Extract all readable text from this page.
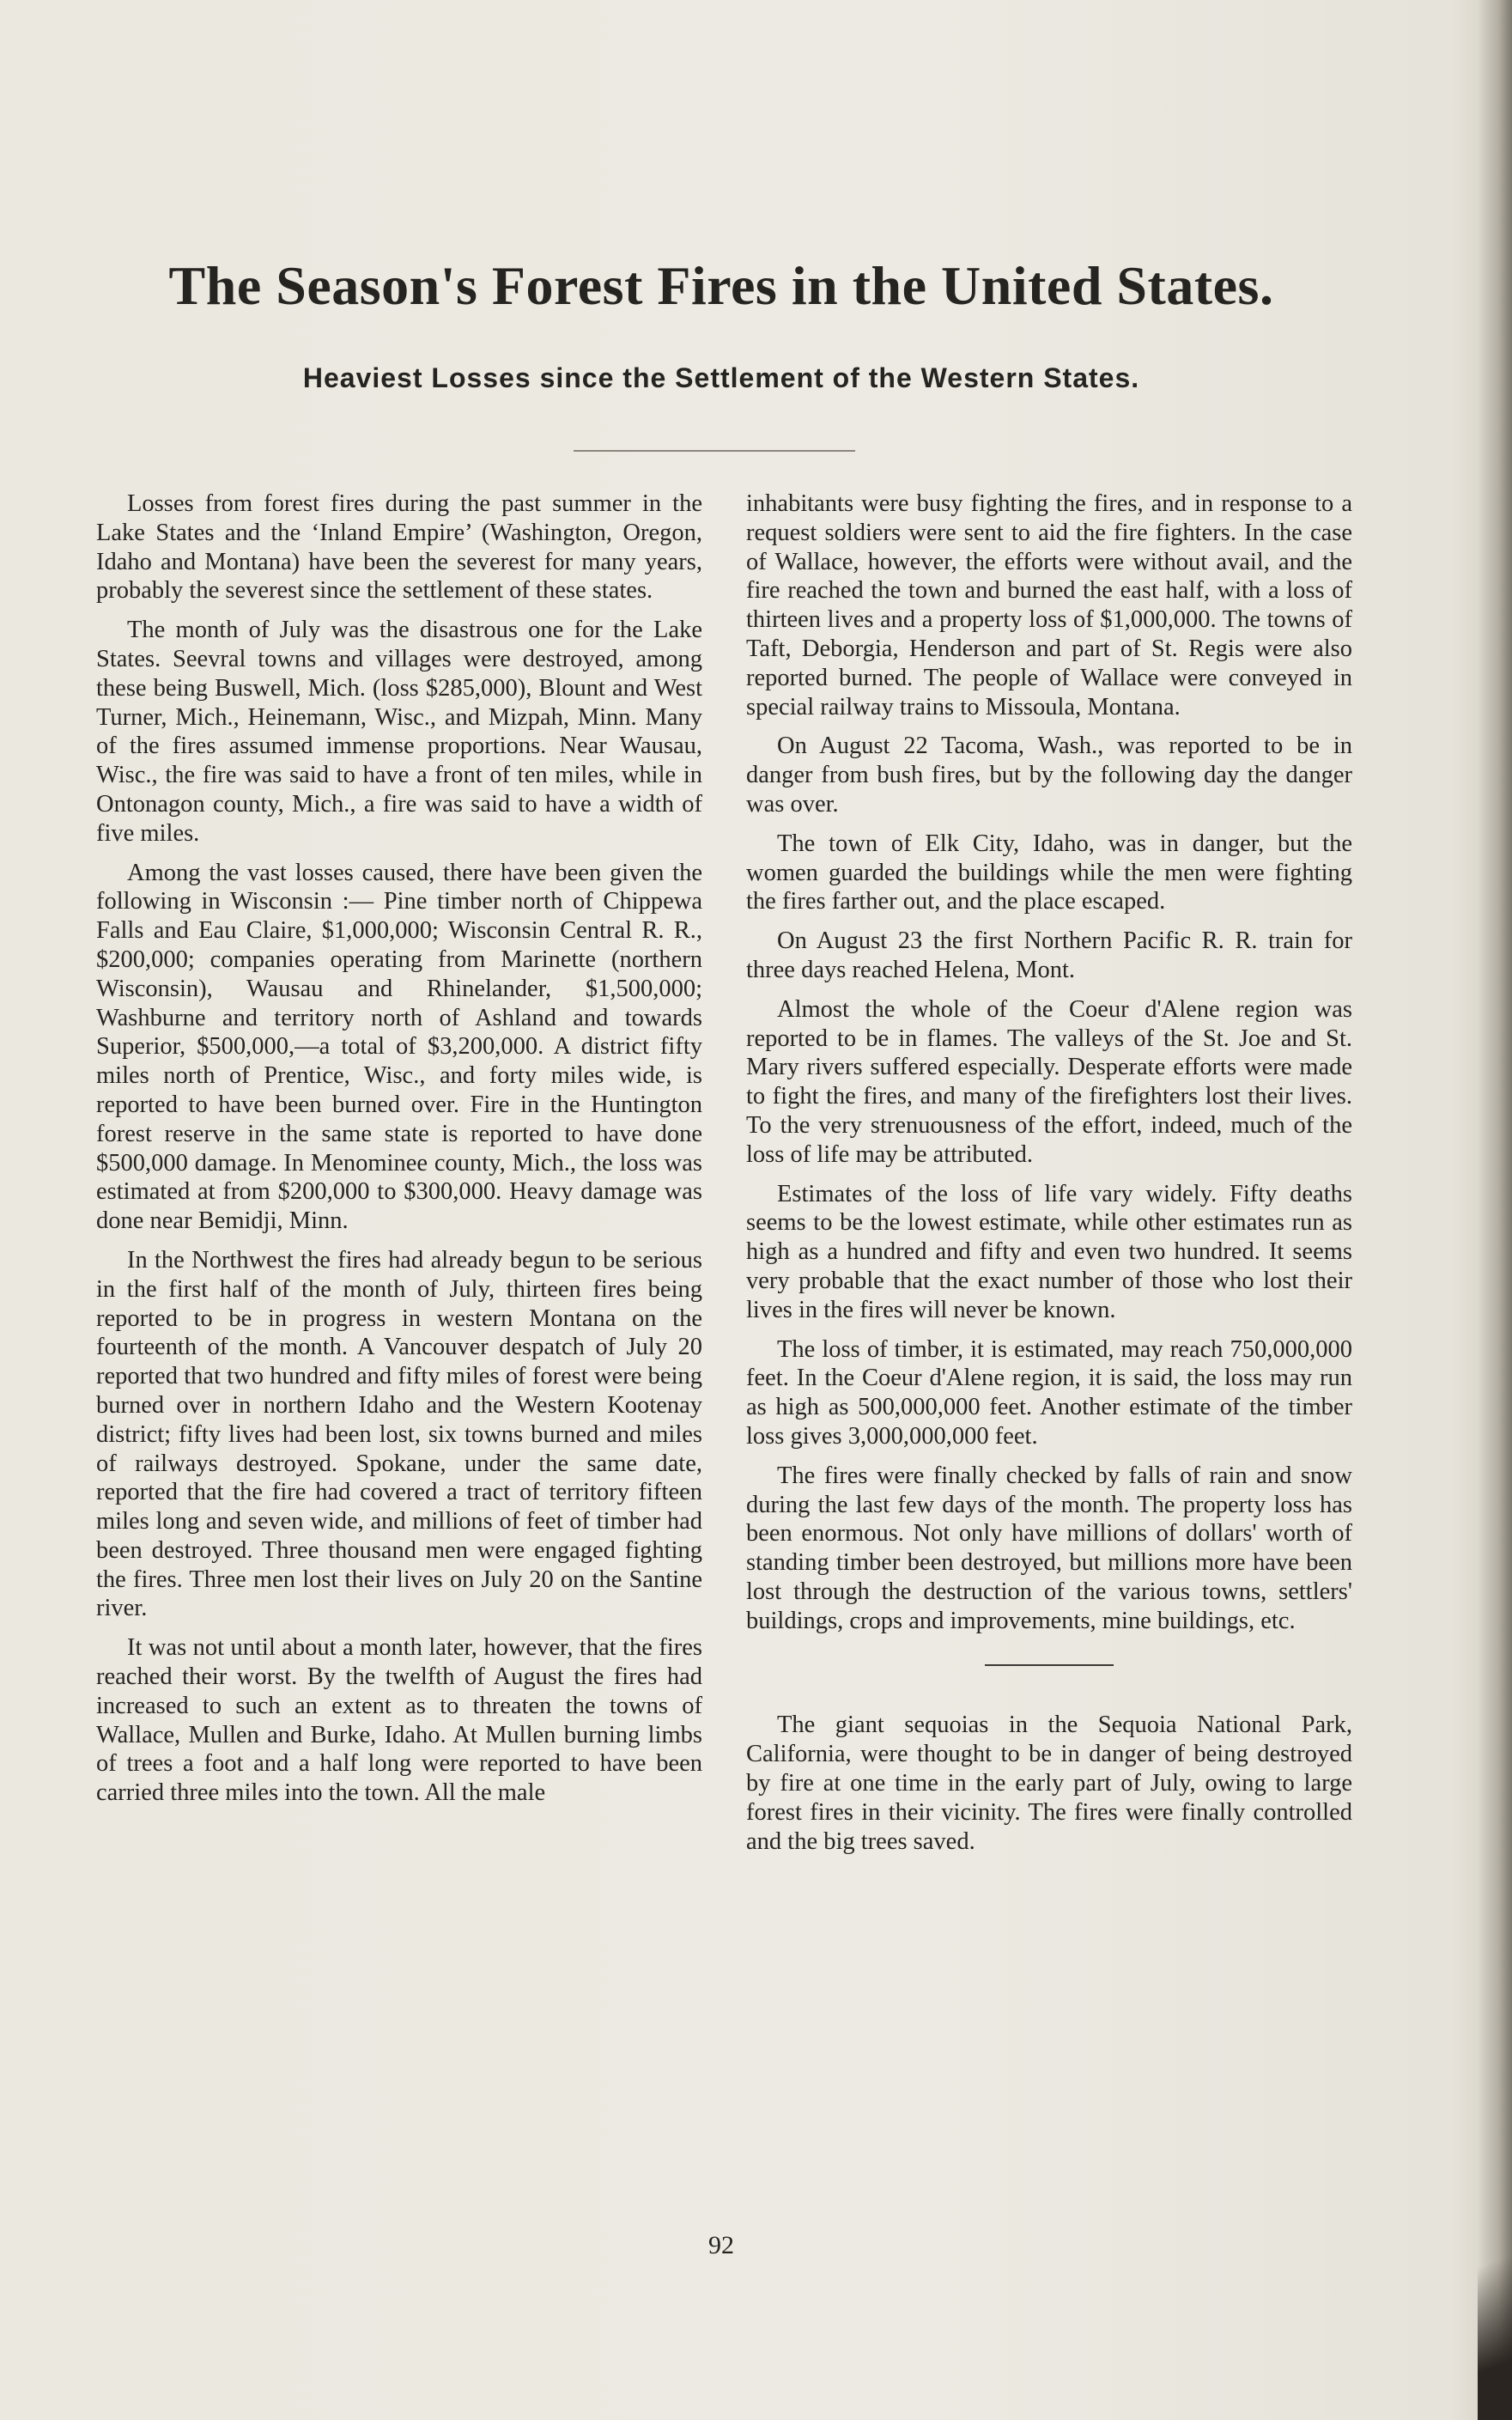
The Season's Forest Fires in the United States.
Heaviest Losses since the Settlement of the Western States.

Losses from forest fires during the past summer in the Lake States and the ‘Inland Empire’ (Washington, Oregon, Idaho and Montana) have been the severest for many years, probably the severest since the settlement of these states.

The month of July was the disastrous one for the Lake States. Seevral towns and villages were destroyed, among these being Buswell, Mich. (loss $285,000), Blount and West Turner, Mich., Heinemann, Wisc., and Mizpah, Minn. Many of the fires assumed immense proportions. Near Wausau, Wisc., the fire was said to have a front of ten miles, while in Ontonagon county, Mich., a fire was said to have a width of five miles.

Among the vast losses caused, there have been given the following in Wisconsin :— Pine timber north of Chippewa Falls and Eau Claire, $1,000,000; Wisconsin Central R. R., $200,000; companies operating from Marinette (northern Wisconsin), Wausau and Rhinelander, $1,500,000; Washburne and territory north of Ashland and towards Superior, $500,000,—a total of $3,200,000. A district fifty miles north of Prentice, Wisc., and forty miles wide, is reported to have been burned over. Fire in the Huntington forest reserve in the same state is reported to have done $500,000 damage. In Menominee county, Mich., the loss was estimated at from $200,000 to $300,000. Heavy damage was done near Bemidji, Minn.

In the Northwest the fires had already begun to be serious in the first half of the month of July, thirteen fires being reported to be in progress in western Montana on the fourteenth of the month. A Vancouver despatch of July 20 reported that two hundred and fifty miles of forest were being burned over in northern Idaho and the Western Kootenay district; fifty lives had been lost, six towns burned and miles of railways destroyed. Spokane, under the same date, reported that the fire had covered a tract of territory fifteen miles long and seven wide, and millions of feet of timber had been destroyed. Three thousand men were engaged fighting the fires. Three men lost their lives on July 20 on the Santine river.

It was not until about a month later, however, that the fires reached their worst. By the twelfth of August the fires had increased to such an extent as to threaten the towns of Wallace, Mullen and Burke, Idaho. At Mullen burning limbs of trees a foot and a half long were reported to have been carried three miles into the town. All the male

inhabitants were busy fighting the fires, and in response to a request soldiers were sent to aid the fire fighters. In the case of Wallace, however, the efforts were without avail, and the fire reached the town and burned the east half, with a loss of thirteen lives and a property loss of $1,000,000. The towns of Taft, Deborgia, Henderson and part of St. Regis were also reported burned. The people of Wallace were conveyed in special railway trains to Missoula, Montana.

On August 22 Tacoma, Wash., was reported to be in danger from bush fires, but by the following day the danger was over.

The town of Elk City, Idaho, was in danger, but the women guarded the buildings while the men were fighting the fires farther out, and the place escaped.

On August 23 the first Northern Pacific R. R. train for three days reached Helena, Mont.

Almost the whole of the Coeur d'Alene region was reported to be in flames. The valleys of the St. Joe and St. Mary rivers suffered especially. Desperate efforts were made to fight the fires, and many of the firefighters lost their lives. To the very strenuousness of the effort, indeed, much of the loss of life may be attributed.

Estimates of the loss of life vary widely. Fifty deaths seems to be the lowest estimate, while other estimates run as high as a hundred and fifty and even two hundred. It seems very probable that the exact number of those who lost their lives in the fires will never be known.

The loss of timber, it is estimated, may reach 750,000,000 feet. In the Coeur d'Alene region, it is said, the loss may run as high as 500,000,000 feet. Another estimate of the timber loss gives 3,000,000,000 feet.

The fires were finally checked by falls of rain and snow during the last few days of the month. The property loss has been enormous. Not only have millions of dollars' worth of standing timber been destroyed, but millions more have been lost through the destruction of the various towns, settlers' buildings, crops and improvements, mine buildings, etc.

The giant sequoias in the Sequoia National Park, California, were thought to be in danger of being destroyed by fire at one time in the early part of July, owing to large forest fires in their vicinity. The fires were finally controlled and the big trees saved.

92
